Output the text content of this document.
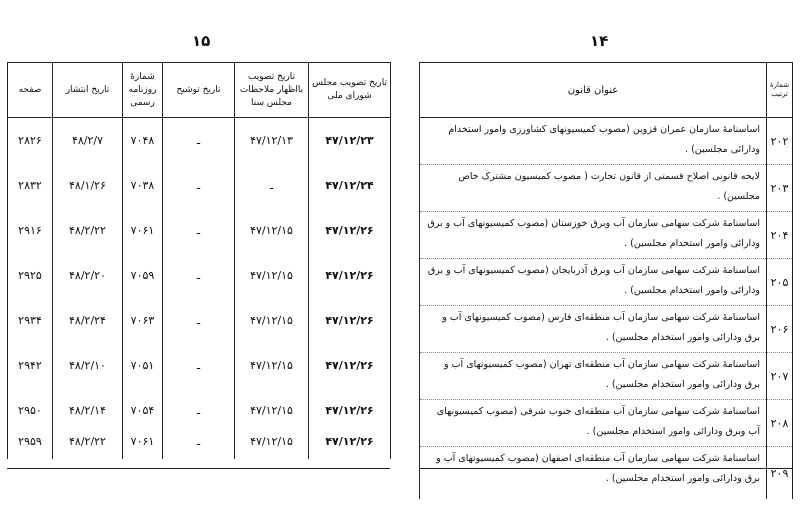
۱۵
تاریخ تصویب مجلس شورای ملی	تاریخ تصویب بااظهار ملاحظات مجلس سنا	تاریخ توشیح	شمارهٔ روزنامه رسمی	تاریخ انتشار	صفحه
۴۷/۱۲/۲۳	۴۷/۱۲/۱۳	ـ	۷۰۴۸	۴۸/۲/۷	۲۸۲۶
۴۷/۱۲/۲۴	ـ	ـ	۷۰۳۸	۴۸/۱/۲۶	۲۸۳۲
۴۷/۱۲/۲۶	۴۷/۱۲/۱۵	ـ	۷۰۶۱	۴۸/۲/۲۲	۲۹۱۶
۴۷/۱۲/۲۶	۴۷/۱۲/۱۵	ـ	۷۰۵۹	۴۸/۲/۲۰	۲۹۲۵
۴۷/۱۲/۲۶	۴۷/۱۲/۱۵	ـ	۷۰۶۳	۴۸/۲/۲۴	۲۹۳۴
۴۷/۱۲/۲۶	۴۷/۱۲/۱۵	ـ	۷۰۵۱	۴۸/۲/۱۰	۲۹۴۲
۴۷/۱۲/۲۶	۴۷/۱۲/۱۵	ـ	۷۰۵۴	۴۸/۲/۱۴	۲۹۵۰
۴۷/۱۲/۲۶	۴۷/۱۲/۱۵	ـ	۷۰۶۱	۴۸/۲/۲۲	۲۹۵۹
۱۴
شمارهٔ ترتیب	عنوان قانون
۲۰۲	اساسنامهٔ سازمان عمران قزوین (مصوب کمیسیونهای کشاورزی وامور استخدام ودارائی مجلسین) .
۲۰۳	لایحه قانونی اصلاح قسمتی از قانون تجارت ( مصوب کمیسیون مشترک خاص مجلسین) .
۲۰۴	اساسنامهٔ شرکت سهامی سازمان آب وبرق خوزستان (مصوب کمیسیونهای آب و برق ودارائی وامور استخدام مجلسین) .
۲۰۵	اساسنامهٔ شرکت سهامی سازمان آب وبرق آذربایجان (مصوب کمیسیونهای آب و برق ودارائی وامور استخدام مجلسین) .
۲۰۶	اساسنامهٔ شرکت سهامی سازمان آب منطقه‌ای فارس (مصوب کمیسیونهای آب و برق ودارائی وامور استخدام مجلسین) .
۲۰۷	اساسنامهٔ شرکت سهامی سازمان آب منطقه‌ای تهران (مصوب کمیسیونهای آب و برق ودارائی وامور استخدام مجلسین) .
۲۰۸	اساسنامهٔ شرکت سهامی سازمان آب منطقه‌ای جنوب شرقی (مصوب کمیسیونهای آب وبرق ودارائی وامور استخدام مجلسین) .
۲۰۹	اساسنامهٔ شرکت سهامی سازمان آب منطقه‌ای اصفهان (مصوب کمیسیونهای آب و برق ودارائی وامور استخدام مجلسین) .
